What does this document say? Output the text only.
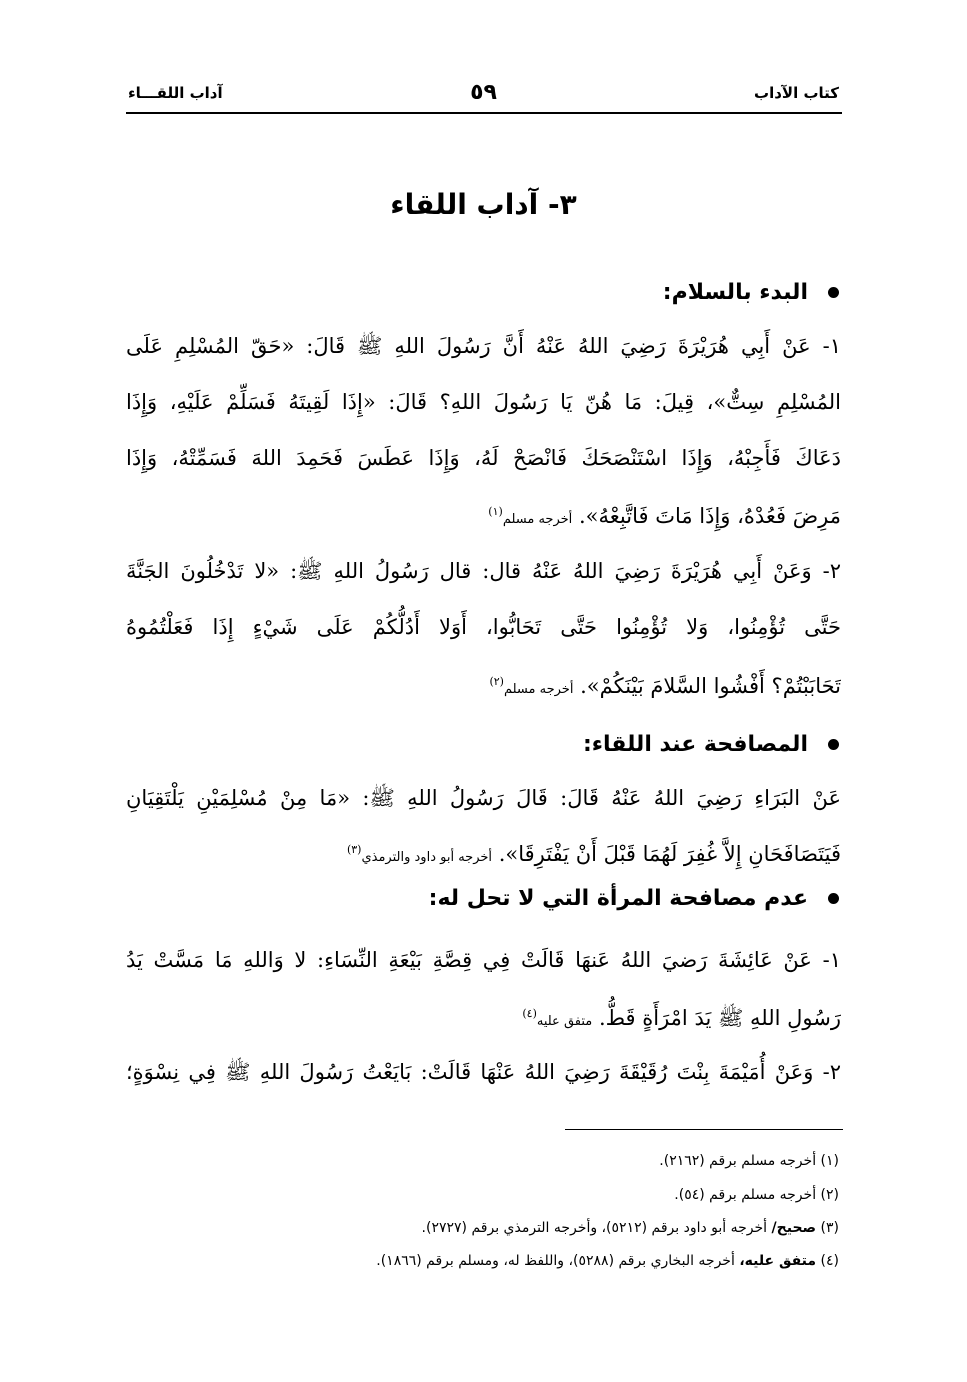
كتاب الآداب
٥٩
آداب اللقـــاء
٣- آداب اللقاء
البدء بالسلام:
١- عَنْ أَبِي هُرَيْرَةَ رَضِيَ اللهُ عَنْهُ أَنَّ رَسُولَ اللهِ ﷺ قَالَ: «حَقّ المُسْلِمِ عَلَى
المُسْلِمِ سِتٌّ»، قِيلَ: مَا هُنّ يَا رَسُولَ اللهِ؟ قَالَ: «إِذَا لَقِيتَهُ فَسَلِّمْ عَلَيْهِ، وَإِذَا
دَعَاكَ فَأَجِبْهُ، وَإِذَا اسْتَنْصَحَكَ فَانْصَحْ لَهُ، وَإِذَا عَطَسَ فَحَمِدَ اللهَ فَسَمِّتْهُ، وَإِذَا
مَرِضَ فَعُدْهُ، وَإِذَا مَاتَ فَاتَّبِعْهُ». أخرجه مسلم$^{(١)}$
٢- وَعَنْ أَبِي هُرَيْرَةَ رَضِيَ اللهُ عَنْهُ قال: قال رَسُولُ اللهِ ﷺ: «لا تَدْخُلُونَ الجَنَّةَ
حَتَّى تُؤْمِنُوا، وَلا تُؤْمِنُوا حَتَّى تَحَابُّوا، أَوَلا أَدُلُّكُمْ عَلَى شَيْءٍ إِذَا فَعَلْتُمُوهُ
تَحَابَبْتُمْ؟ أَفْشُوا السَّلامَ بَيْنَكُمْ». أخرجه مسلم$^{(٢)}$
المصافحة عند اللقاء:
عَنْ البَرَاءِ رَضِيَ اللهُ عَنْهُ قَالَ: قَالَ رَسُولُ اللهِ ﷺ: «مَا مِنْ مُسْلِمَيْنِ يَلْتَقِيَانِ
فَيَتَصَافَحَانِ إِلاَّ غُفِرَ لَهُمَا قَبْلَ أَنْ يَفْتَرِقَا». أخرجه أبو داود والترمذي$^{(٣)}$
عدم مصافحة المرأة التي لا تحل له:
١- عَنْ عَائِشَةَ رَضيَ اللهُ عَنهَا قَالَتْ فِي قِصَّةِ بَيْعَةِ النِّسَاءِ: لا وَاللهِ مَا مَسَّتْ يَدُ
رَسُولِ اللهِ ﷺ يَدَ امْرَأَةٍ قَطُّ. متفق عليه$^{(٤)}$
٢- وَعَنْ أُمَيْمَةَ بِنْتَ رُقَيْقَةَ رَضِيَ اللهُ عَنْهَا قَالَتْ: بَايَعْتُ رَسُولَ اللهِ ﷺ فِي نِسْوَةٍ؛
(١) أخرجه مسلم برقم (٢١٦٢).
(٢) أخرجه مسلم برقم (٥٤).
(٣) صحيح/ أخرجه أبو داود برقم (٥٢١٢)، وأخرجه الترمذي برقم (٢٧٢٧).
(٤) متفق عليه، أخرجه البخاري برقم (٥٢٨٨)، واللفظ له، ومسلم برقم (١٨٦٦).
